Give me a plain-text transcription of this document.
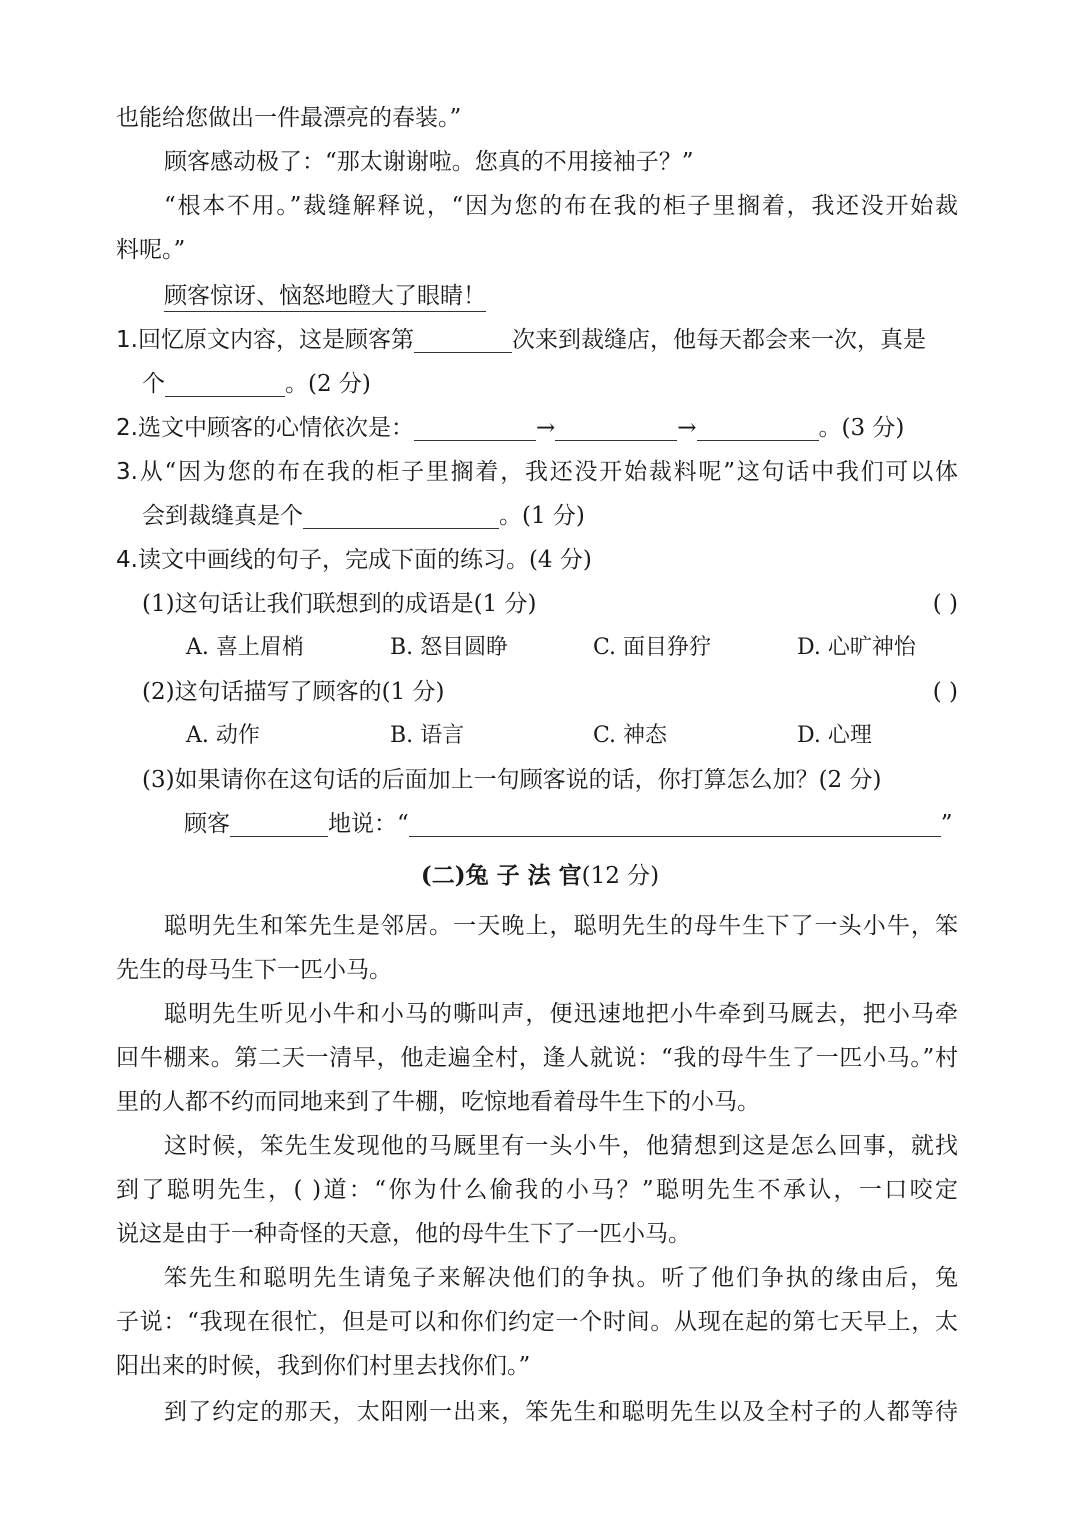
也能给您做出一件最漂亮的春装。”
顾客感动极了：“那太谢谢啦。您真的不用接袖子？”
“根本不用。”裁缝解释说，“因为您的布在我的柜子里搁着，我还没开始裁
料呢。”
顾客惊讶、恼怒地瞪大了眼睛！
1.回忆原文内容，这是顾客第	次来到裁缝店，他每天都会来一次，真是
个	。(2 分)
2.选文中顾客的心情依次是：	→	→	。(3 分)
3.从“因为您的布在我的柜子里搁着，我还没开始裁料呢”这句话中我们可以体
会到裁缝真是个	。(1 分)
4.读文中画线的句子，完成下面的练习。(4 分)
(1)这句话让我们联想到的成语是(1 分)	( )
A. 喜上眉梢	B. 怒目圆睁	C. 面目狰狞	D. 心旷神怡
(2)这句话描写了顾客的(1 分)	( )
A. 动作	B. 语言	C. 神态	D. 心理
(3)如果请你在这句话的后面加上一句顾客说的话，你打算怎么加？(2 分)
顾客	地说：“	”
(二)兔 子 法 官(12 分)
聪明先生和笨先生是邻居。一天晚上，聪明先生的母牛生下了一头小牛，笨
先生的母马生下一匹小马。
聪明先生听见小牛和小马的嘶叫声，便迅速地把小牛牵到马厩去，把小马牵
回牛棚来。第二天一清早，他走遍全村，逢人就说：“我的母牛生了一匹小马。”村
里的人都不约而同地来到了牛棚，吃惊地看着母牛生下的小马。
这时候，笨先生发现他的马厩里有一头小牛，他猜想到这是怎么回事，就找
到了聪明先生，( )道：“你为什么偷我的小马？”聪明先生不承认，一口咬定
说这是由于一种奇怪的天意，他的母牛生下了一匹小马。
笨先生和聪明先生请兔子来解决他们的争执。听了他们争执的缘由后，兔
子说：“我现在很忙，但是可以和你们约定一个时间。从现在起的第七天早上，太
阳出来的时候，我到你们村里去找你们。”
到了约定的那天，太阳刚一出来，笨先生和聪明先生以及全村子的人都等待
